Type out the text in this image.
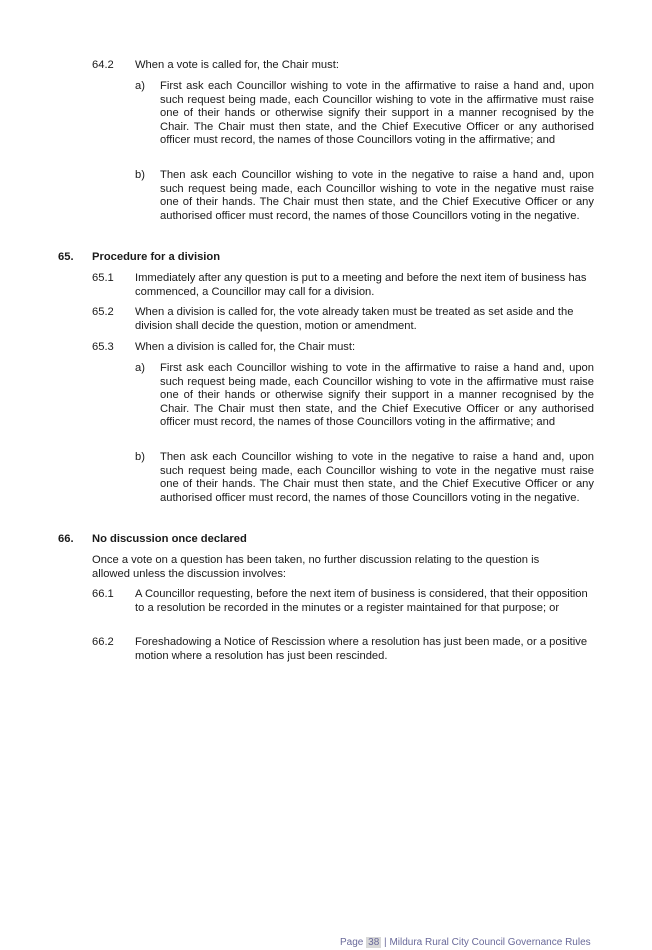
64.2 When a vote is called for, the Chair must:
a) First ask each Councillor wishing to vote in the affirmative to raise a hand and, upon such request being made, each Councillor wishing to vote in the affirmative must raise one of their hands or otherwise signify their support in a manner recognised by the Chair. The Chair must then state, and the Chief Executive Officer or any authorised officer must record, the names of those Councillors voting in the affirmative; and
b) Then ask each Councillor wishing to vote in the negative to raise a hand and, upon such request being made, each Councillor wishing to vote in the negative must raise one of their hands. The Chair must then state, and the Chief Executive Officer or any authorised officer must record, the names of those Councillors voting in the negative.
65. Procedure for a division
65.1 Immediately after any question is put to a meeting and before the next item of business has commenced, a Councillor may call for a division.
65.2 When a division is called for, the vote already taken must be treated as set aside and the division shall decide the question, motion or amendment.
65.3 When a division is called for, the Chair must:
a) First ask each Councillor wishing to vote in the affirmative to raise a hand and, upon such request being made, each Councillor wishing to vote in the affirmative must raise one of their hands or otherwise signify their support in a manner recognised by the Chair. The Chair must then state, and the Chief Executive Officer or any authorised officer must record, the names of those Councillors voting in the affirmative; and
b) Then ask each Councillor wishing to vote in the negative to raise a hand and, upon such request being made, each Councillor wishing to vote in the negative must raise one of their hands. The Chair must then state, and the Chief Executive Officer or any authorised officer must record, the names of those Councillors voting in the negative.
66. No discussion once declared
Once a vote on a question has been taken, no further discussion relating to the question is allowed unless the discussion involves:
66.1 A Councillor requesting, before the next item of business is considered, that their opposition to a resolution be recorded in the minutes or a register maintained for that purpose; or
66.2 Foreshadowing a Notice of Rescission where a resolution has just been made, or a positive motion where a resolution has just been rescinded.
Page 38 | Mildura Rural City Council Governance Rules
